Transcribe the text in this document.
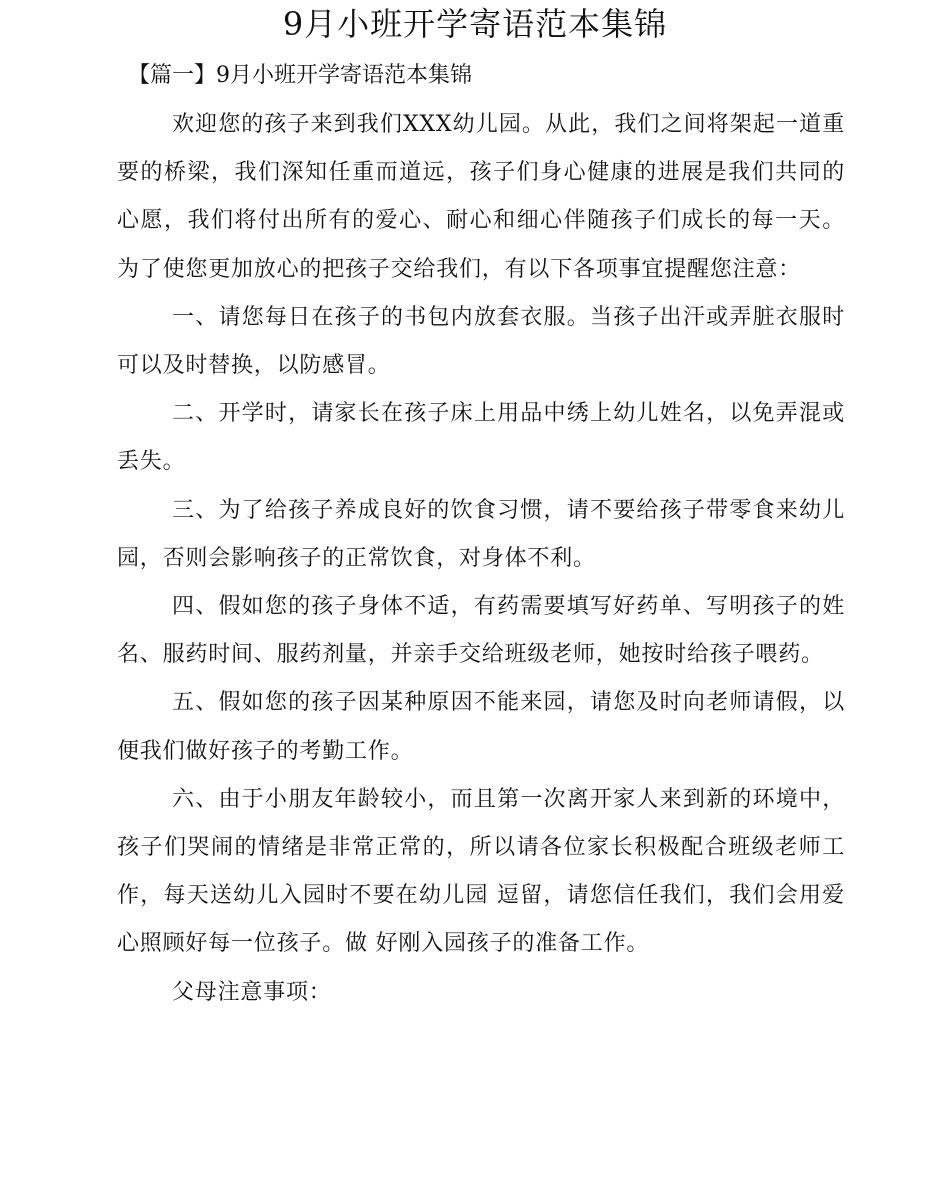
9月小班开学寄语范本集锦
【篇一】9月小班开学寄语范本集锦

欢迎您的孩子来到我们XXX幼儿园。从此，我们之间将架起一道重要的桥梁，我们深知任重而道远，孩子们身心健康的进展是我们共同的心愿，我们将付出所有的爱心、耐心和细心伴随孩子们成长的每一天。为了使您更加放心的把孩子交给我们，有以下各项事宜提醒您注意：

一、请您每日在孩子的书包内放套衣服。当孩子出汗或弄脏衣服时可以及时替换，以防感冒。

二、开学时，请家长在孩子床上用品中绣上幼儿姓名，以免弄混或丢失。

三、为了给孩子养成良好的饮食习惯，请不要给孩子带零食来幼儿园，否则会影响孩子的正常饮食，对身体不利。

四、假如您的孩子身体不适，有药需要填写好药单、写明孩子的姓名、服药时间、服药剂量，并亲手交给班级老师，她按时给孩子喂药。

五、假如您的孩子因某种原因不能来园，请您及时向老师请假，以便我们做好孩子的考勤工作。

六、由于小朋友年龄较小，而且第一次离开家人来到新的环境中，孩子们哭闹的情绪是非常正常的，所以请各位家长积极配合班级老师工作，每天送幼儿入园时不要在幼儿园 逗留，请您信任我们，我们会用爱心照顾好每一位孩子。做 好刚入园孩子的准备工作。

父母注意事项：
